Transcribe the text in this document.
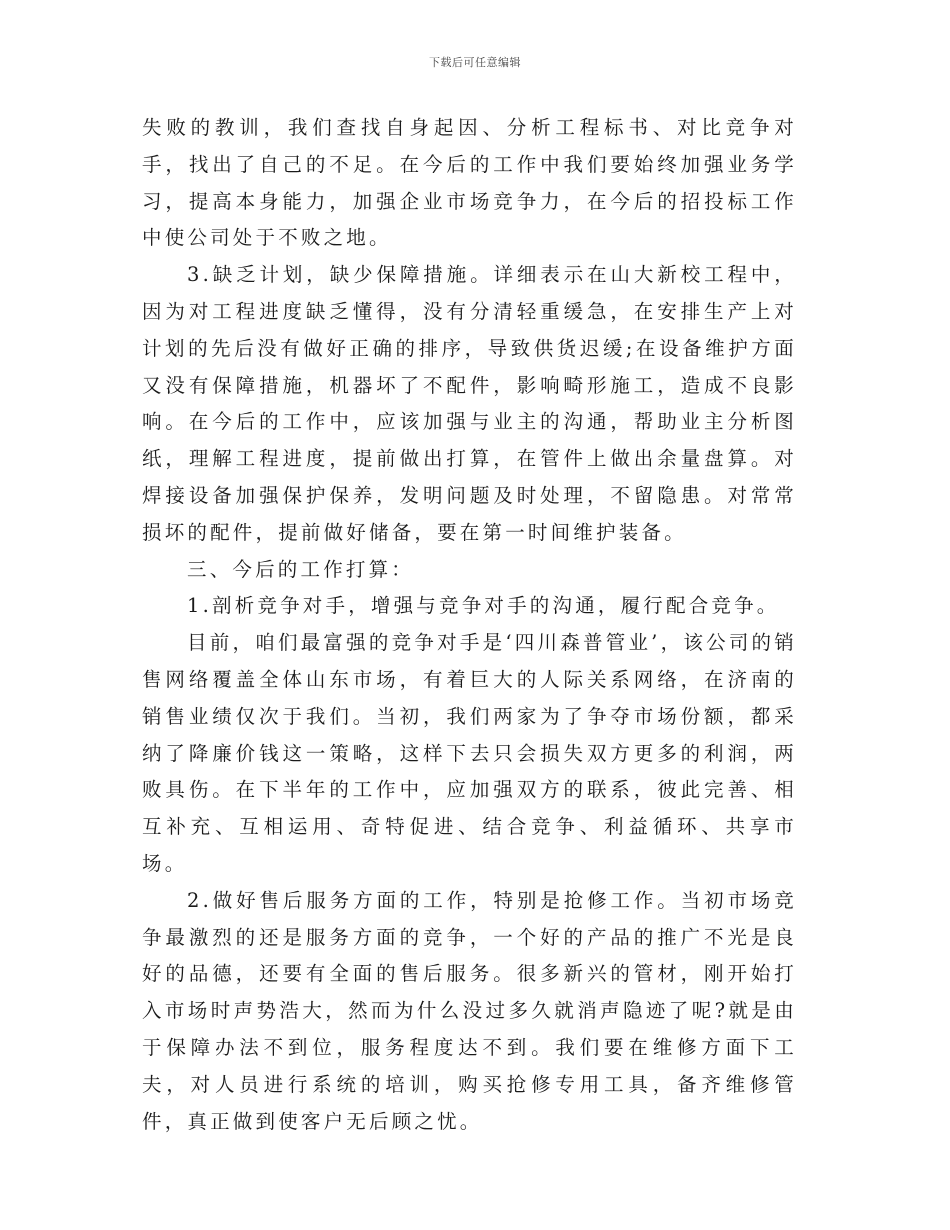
下载后可任意编辑

失败的教训，我们查找自身起因、分析工程标书、对比竞争对手，找出了自己的不足。在今后的工作中我们要始终加强业务学习，提高本身能力，加强企业市场竞争力，在今后的招投标工作中使公司处于不败之地。

3.缺乏计划，缺少保障措施。详细表示在山大新校工程中，因为对工程进度缺乏懂得，没有分清轻重缓急，在安排生产上对计划的先后没有做好正确的排序，导致供货迟缓;在设备维护方面又没有保障措施，机器坏了不配件，影响畸形施工，造成不良影响。在今后的工作中，应该加强与业主的沟通，帮助业主分析图纸，理解工程进度，提前做出打算，在管件上做出余量盘算。对焊接设备加强保护保养，发明问题及时处理，不留隐患。对常常损坏的配件，提前做好储备，要在第一时间维护装备。

三、今后的工作打算：

1.剖析竞争对手，增强与竞争对手的沟通，履行配合竞争。

目前，咱们最富强的竞争对手是‘四川森普管业’，该公司的销售网络覆盖全体山东市场，有着巨大的人际关系网络，在济南的销售业绩仅次于我们。当初，我们两家为了争夺市场份额，都采纳了降廉价钱这一策略，这样下去只会损失双方更多的利润，两败具伤。在下半年的工作中，应加强双方的联系，彼此完善、相互补充、互相运用、奇特促进、结合竞争、利益循环、共享市场。

2.做好售后服务方面的工作，特别是抢修工作。当初市场竞争最激烈的还是服务方面的竞争，一个好的产品的推广不光是良好的品德，还要有全面的售后服务。很多新兴的管材，刚开始打入市场时声势浩大，然而为什么没过多久就消声隐迹了呢?就是由于保障办法不到位，服务程度达不到。我们要在维修方面下工夫，对人员进行系统的培训，购买抢修专用工具，备齐维修管件，真正做到使客户无后顾之忧。
